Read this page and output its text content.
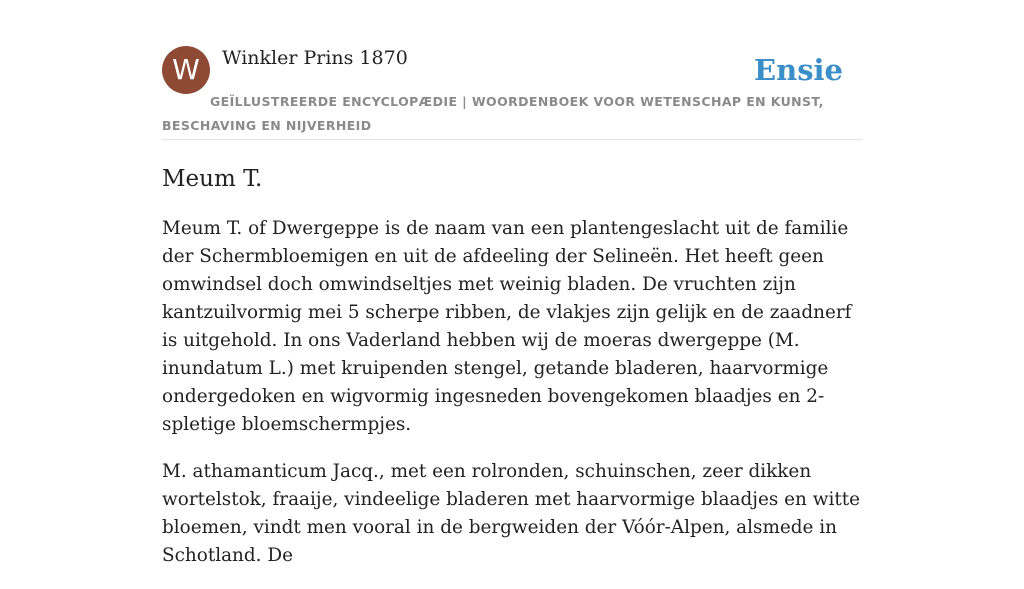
W	Winkler Prins 1870	Ensie
GEÏLLUSTREERDE ENCYCLOPÆDIE | WOORDENBOEK VOOR WETENSCHAP EN KUNST, BESCHAVING EN NIJVERHEID
Meum T.

Meum T. of Dwergeppe is de naam van een plantengeslacht uit de familie der Schermbloemigen en uit de afdeeling der Selineën. Het heeft geen omwindsel doch omwindseltjes met weinig bladen. De vruchten zijn kantzuilvormig mei 5 scherpe ribben, de vlakjes zijn gelijk en de zaadnerf is uitgehold. In ons Vaderland hebben wij de moeras dwergeppe (M. inundatum L.) met kruipenden stengel, getande bladeren, haarvormige ondergedoken en wigvormig ingesneden bovengekomen blaadjes en 2-spletige bloemschermpjes.

M. athamanticum Jacq., met een rolronden, schuinschen, zeer dikken wortelstok, fraaije, vindeelige bladeren met haarvormige blaadjes en witte bloemen, vindt men vooral in de bergweiden der Vóór-Alpen, alsmede in Schotland. De
